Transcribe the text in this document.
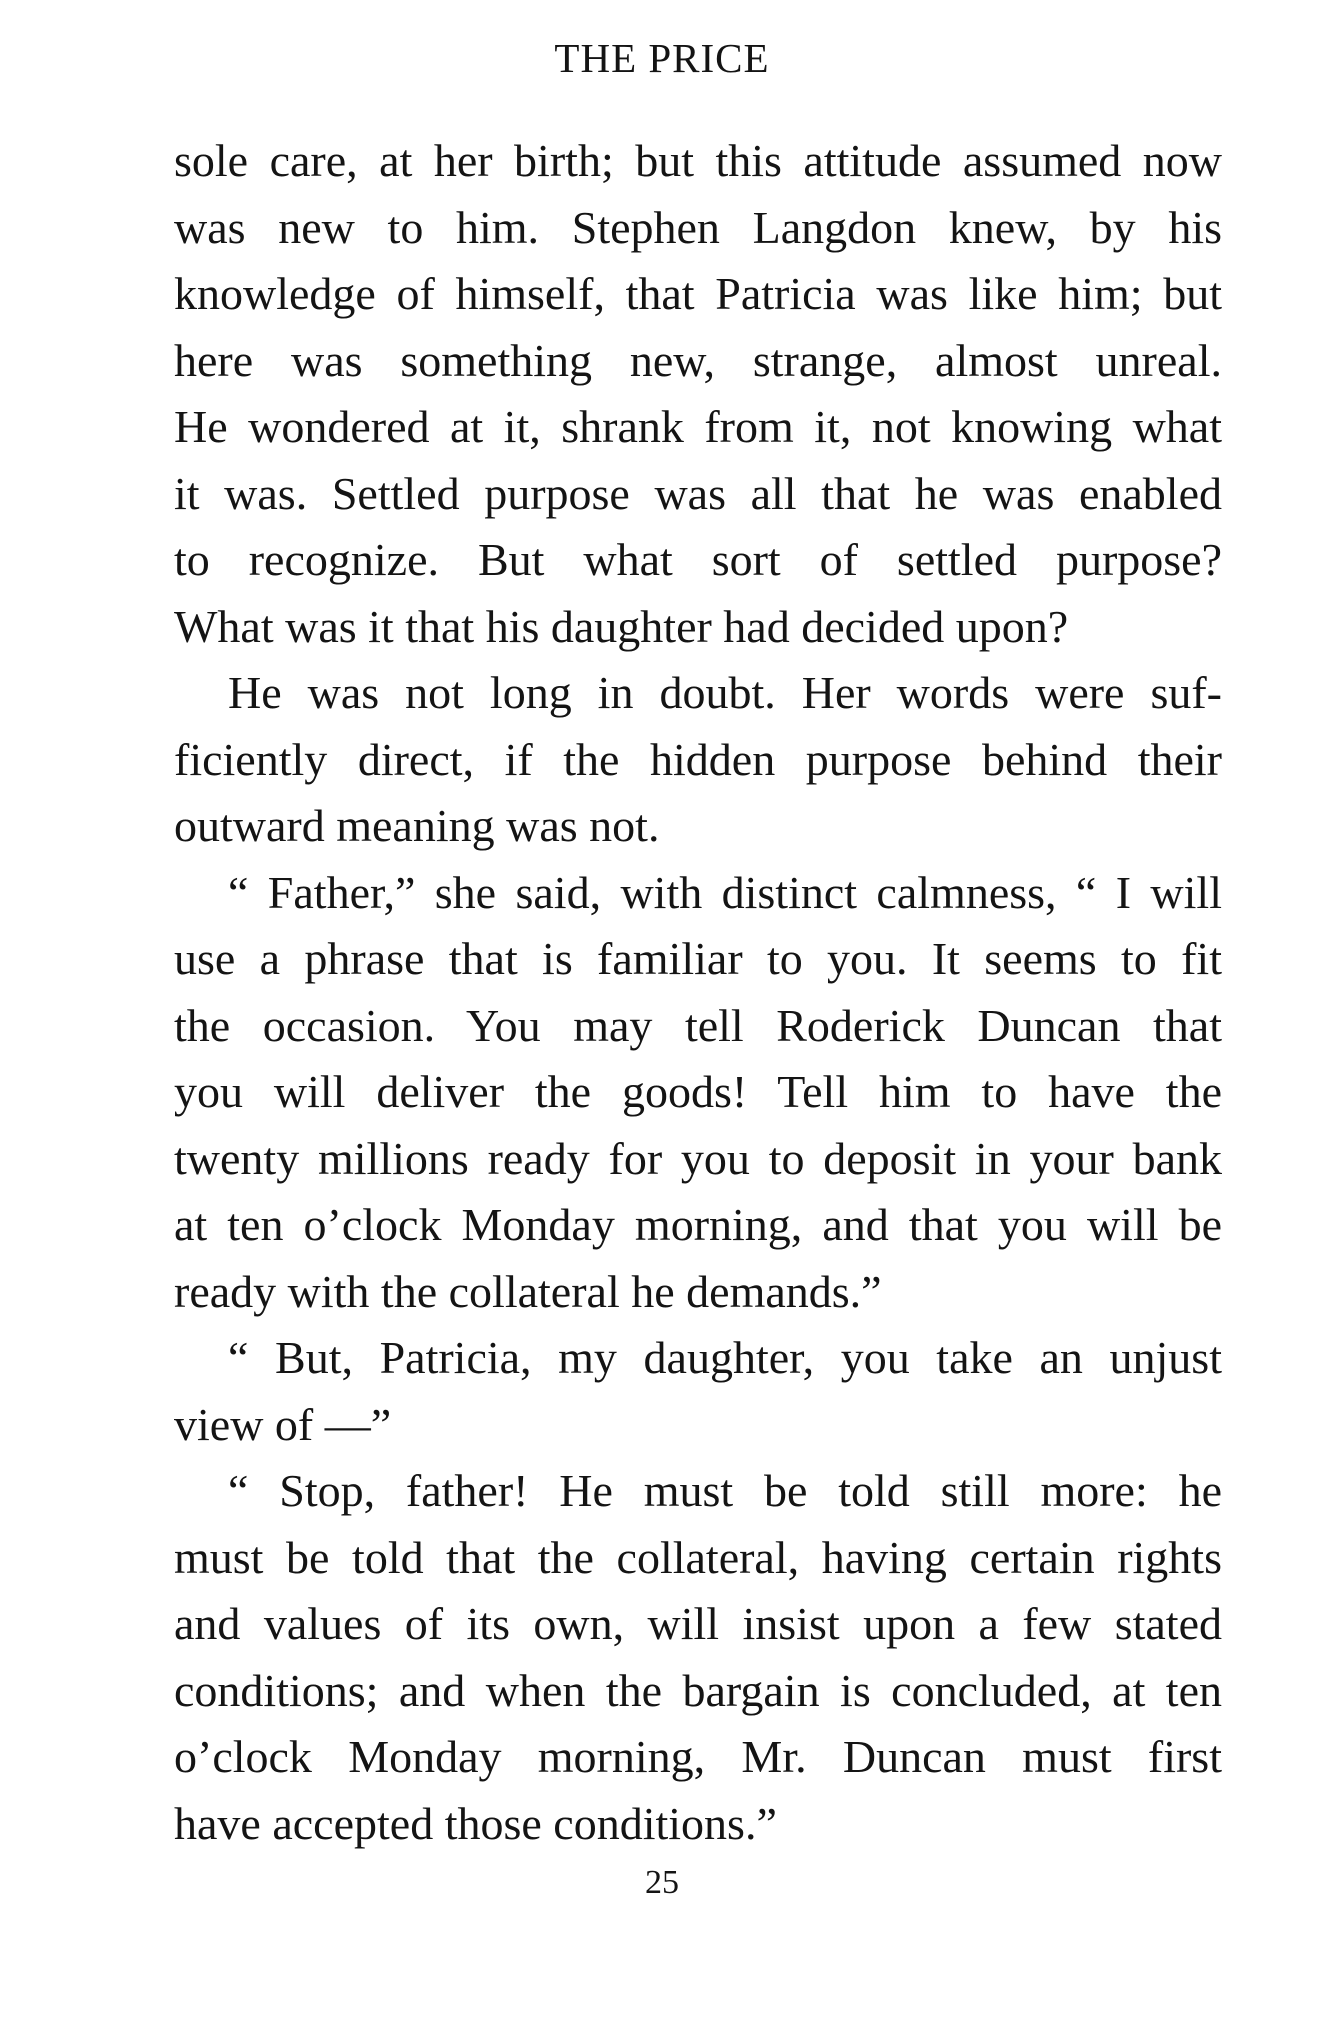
THE PRICE
sole care, at her birth; but this attitude assumed now
was new to him. Stephen Langdon knew, by his
knowledge of himself, that Patricia was like him; but
here was something new, strange, almost unreal.
He wondered at it, shrank from it, not knowing what
it was. Settled purpose was all that he was enabled
to recognize. But what sort of settled purpose?
What was it that his daughter had decided upon?
He was not long in doubt. Her words were suf-
ficiently direct, if the hidden purpose behind their
outward meaning was not.
“ Father,” she said, with distinct calmness, “ I will
use a phrase that is familiar to you. It seems to fit
the occasion. You may tell Roderick Duncan that
you will deliver the goods! Tell him to have the
twenty millions ready for you to deposit in your bank
at ten o’clock Monday morning, and that you will be
ready with the collateral he demands.”
“ But, Patricia, my daughter, you take an unjust
view of —”
“ Stop, father! He must be told still more: he
must be told that the collateral, having certain rights
and values of its own, will insist upon a few stated
conditions; and when the bargain is concluded, at ten
o’clock Monday morning, Mr. Duncan must first
have accepted those conditions.”
25
